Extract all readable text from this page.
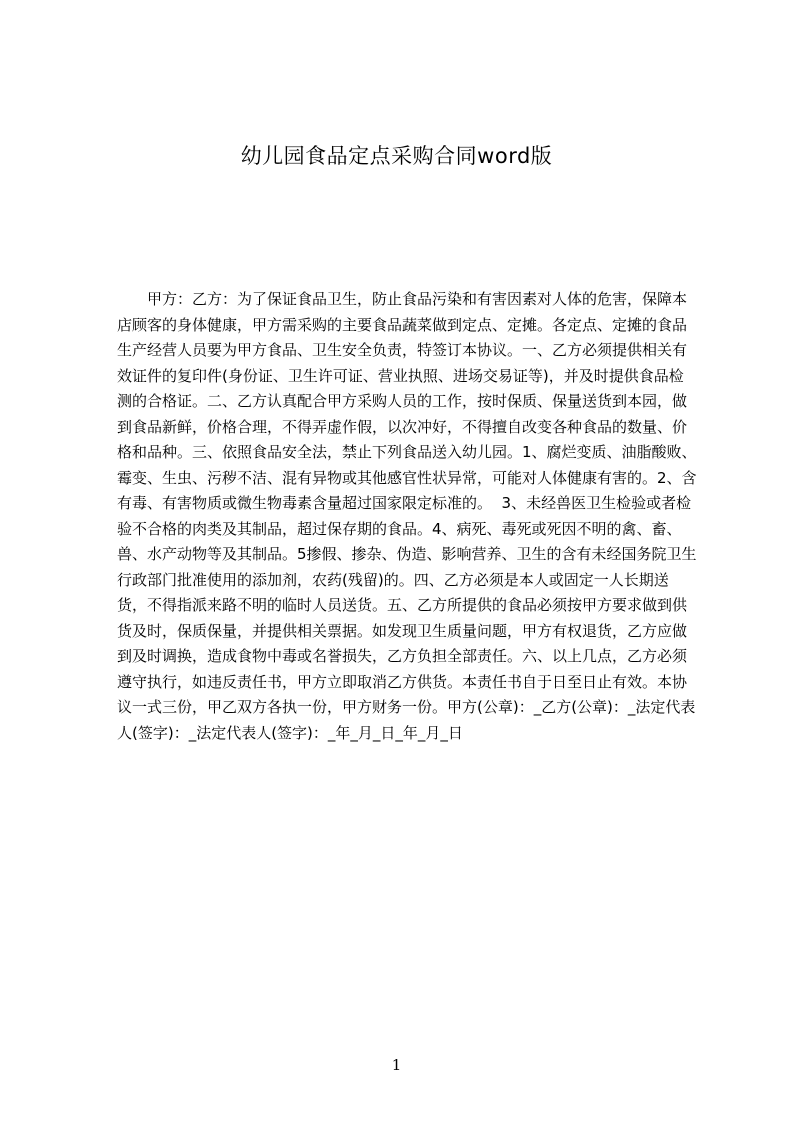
幼儿园食品定点采购合同word版

甲方：乙方：为了保证食品卫生，防止食品污染和有害因素对人体的危害，保障本店顾客的身体健康，甲方需采购的主要食品蔬菜做到定点、定摊。各定点、定摊的食品生产经营人员要为甲方食品、卫生安全负责，特签订本协议。一、乙方必须提供相关有效证件的复印件(身份证、卫生许可证、营业执照、进场交易证等)，并及时提供食品检测的合格证。二、乙方认真配合甲方采购人员的工作，按时保质、保量送货到本园，做到食品新鲜，价格合理，不得弄虚作假，以次冲好，不得擅自改变各种食品的数量、价格和品种。三、依照食品安全法，禁止下列食品送入幼儿园。1、腐烂变质、油脂酸败、霉变、生虫、污秽不洁、混有异物或其他感官性状异常，可能对人体健康有害的。2、含有毒、有害物质或微生物毒素含量超过国家限定标准的。  3、未经兽医卫生检验或者检验不合格的肉类及其制品，超过保存期的食品。4、病死、毒死或死因不明的禽、畜、兽、水产动物等及其制品。5掺假、掺杂、伪造、影响营养、卫生的含有未经国务院卫生行政部门批准使用的添加剂，农药(残留)的。四、乙方必须是本人或固定一人长期送货，不得指派来路不明的临时人员送货。五、乙方所提供的食品必须按甲方要求做到供货及时，保质保量，并提供相关票据。如发现卫生质量问题，甲方有权退货，乙方应做到及时调换，造成食物中毒或名誉损失，乙方负担全部责任。六、以上几点，乙方必须遵守执行，如违反责任书，甲方立即取消乙方供货。本责任书自于日至日止有效。本协议一式三份，甲乙双方各执一份，甲方财务一份。甲方(公章)：_乙方(公章)：_法定代表人(签字)：_法定代表人(签字)：_年_月_日_年_月_日

1
